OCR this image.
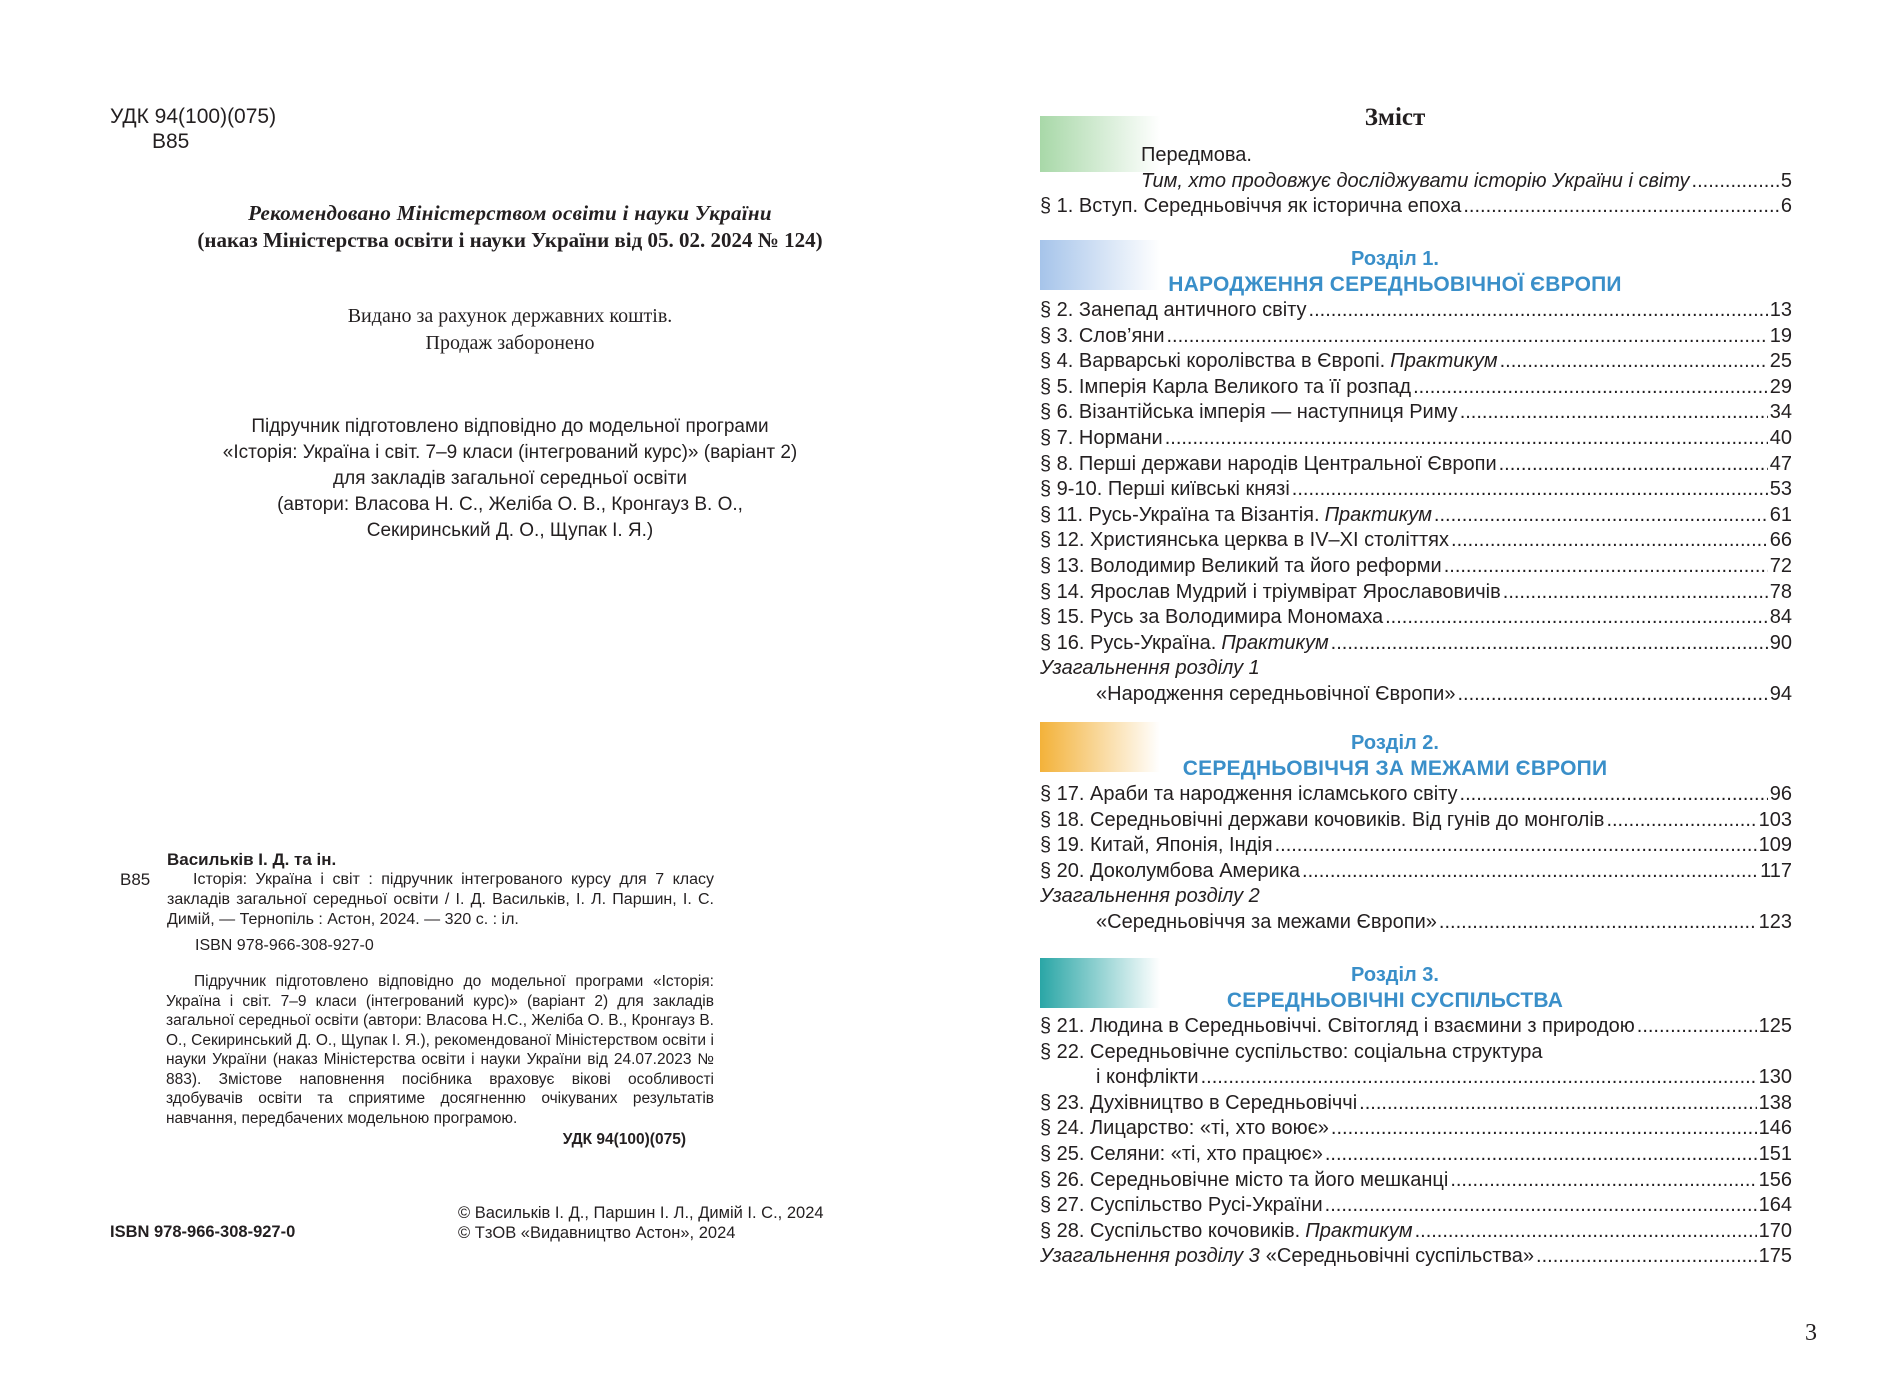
УДК 94(100)(075)
В85
Рекомендовано Міністерством освіти і науки України
(наказ Міністерства освіти і науки України від 05. 02. 2024 № 124)
Видано за рахунок державних коштів.
Продаж заборонено
Підручник підготовлено відповідно до модельної програми
«Історія: Україна і світ. 7–9 класи (інтегрований курс)» (варіант 2)
для закладів загальної середньої освіти
(автори: Власова Н. С., Желіба О. В., Кронгауз В. О.,
Секиринський Д. О., Щупак І. Я.)
Васильків І. Д. та ін.
В85	Історія: Україна і світ : підручник інтегрованого курсу для 7 класу закладів загальної середньої освіти / І. Д. Васильків, І. Л. Паршин, І. С. Димій, — Тернопіль : Астон, 2024. — 320 с. : іл.
ISBN 978-966-308-927-0
Підручник підготовлено відповідно до модельної програми «Історія: Україна і світ. 7–9 класи (інтегрований курс)» (варіант 2) для закладів загальної середньої освіти (автори: Власова Н.С., Желіба О. В., Кронгауз В. О., Секиринський Д. О., Щупак І. Я.), рекомендованої Міністерством освіти і науки України (наказ Міністерства освіти і науки України від 24.07.2023 № 883). Змістове наповнення посібника враховує вікові особливості здобувачів освіти та сприятиме досягненню очікуваних результатів навчання, передбачених модельною програмою.
УДК 94(100)(075)
ISBN 978-966-308-927-0
© Васильків І. Д., Паршин І. Л., Димій І. С., 2024
© ТзОВ «Видавництво Астон», 2024
Зміст
Передмова.
Тим, хто продовжує досліджувати історію України і світу .....	5
§ 1. Вступ. Середньовіччя як історична епоха .....	6
Розділ 1.
НАРОДЖЕННЯ СЕРЕДНЬОВІЧНОЇ ЄВРОПИ
§ 2. Занепад античного світу .....	13
§ 3. Слов’яни .....	19
§ 4. Варварські королівства в Європі. Практикум .....	25
§ 5. Імперія Карла Великого та її розпад .....	29
§ 6. Візантійська імперія — наступниця Риму .....	34
§ 7. Нормани .....	40
§ 8. Перші держави народів Центральної Європи .....	47
§ 9-10. Перші київські князі .....	53
§ 11. Русь-Україна та Візантія. Практикум .....	61
§ 12. Християнська церква в IV–XI століттях .....	66
§ 13. Володимир Великий та його реформи .....	72
§ 14. Ярослав Мудрий і тріумвірат Ярославовичів .....	78
§ 15. Русь за Володимира Мономаха .....	84
§ 16. Русь-Україна. Практикум .....	90
Узагальнення розділу 1
«Народження середньовічної Європи» .....	94
Розділ 2.
СЕРЕДНЬОВІЧЧЯ ЗА МЕЖАМИ ЄВРОПИ
§ 17. Араби та народження ісламського світу .....	96
§ 18. Середньовічні держави кочовиків. Від гунів до монголів .....	103
§ 19. Китай, Японія, Індія .....	109
§ 20. Доколумбова Америка .....	117
Узагальнення розділу 2
«Середньовіччя за межами Європи» .....	123
Розділ 3.
СЕРЕДНЬОВІЧНІ СУСПІЛЬСТВА
§ 21. Людина в Середньовіччі. Світогляд і взаємини з природою .....	125
§ 22. Середньовічне суспільство: соціальна структура
і конфлікти .....	130
§ 23. Духівництво в Середньовіччі .....	138
§ 24. Лицарство: «ті, хто воює» .....	146
§ 25. Селяни: «ті, хто працює» .....	151
§ 26. Середньовічне місто та його мешканці .....	156
§ 27. Суспільство Русі-України .....	164
§ 28. Суспільство кочовиків. Практикум .....	170
Узагальнення розділу 3 «Середньовічні суспільства» .....	175
3
